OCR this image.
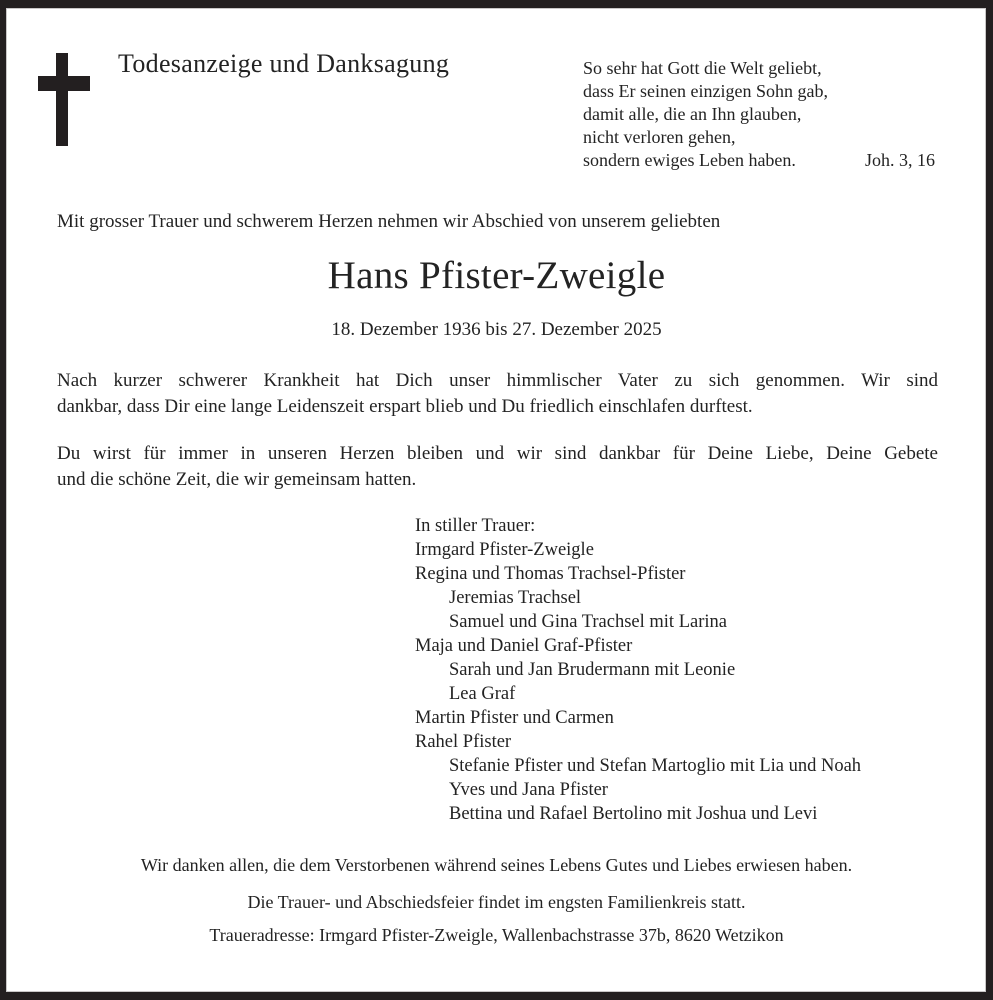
Todesanzeige und Danksagung	So sehr hat Gott die Welt geliebt,
dass Er seinen einzigen Sohn gab,
damit alle, die an Ihn glauben,
nicht verloren gehen,
sondern ewiges Leben haben.	Joh. 3, 16
Mit grosser Trauer und schwerem Herzen nehmen wir Abschied von unserem geliebten
Hans Pfister-Zweigle
18. Dezember 1936 bis 27. Dezember 2025
Nach kurzer schwerer Krankheit hat Dich unser himmlischer Vater zu sich genommen. Wir sind
dankbar, dass Dir eine lange Leidenszeit erspart blieb und Du friedlich einschlafen durftest.
Du wirst für immer in unseren Herzen bleiben und wir sind dankbar für Deine Liebe, Deine Gebete
und die schöne Zeit, die wir gemeinsam hatten.
In stiller Trauer:
Irmgard Pfister-Zweigle
Regina und Thomas Trachsel-Pfister
Jeremias Trachsel
Samuel und Gina Trachsel mit Larina
Maja und Daniel Graf-Pfister
Sarah und Jan Brudermann mit Leonie
Lea Graf
Martin Pfister und Carmen
Rahel Pfister
Stefanie Pfister und Stefan Martoglio mit Lia und Noah
Yves und Jana Pfister
Bettina und Rafael Bertolino mit Joshua und Levi
Wir danken allen, die dem Verstorbenen während seines Lebens Gutes und Liebes erwiesen haben.
Die Trauer- und Abschiedsfeier findet im engsten Familienkreis statt.
Traueradresse: Irmgard Pfister-Zweigle, Wallenbachstrasse 37b, 8620 Wetzikon
